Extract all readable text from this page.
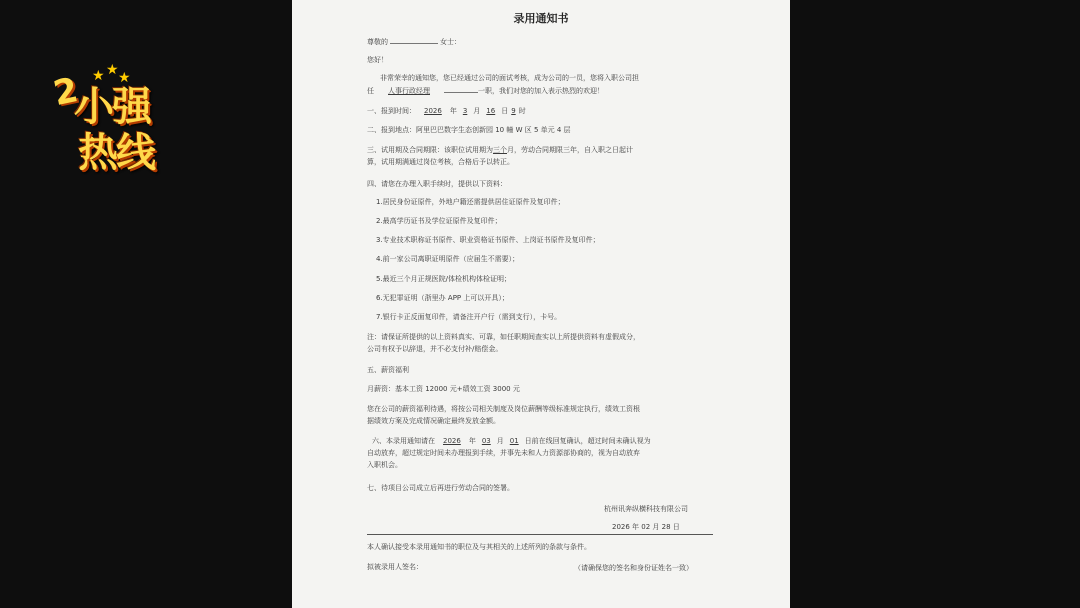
2 ★ ★ ★
小强
热线
录用通知书
尊敬的	女士：
您好！
非常荣幸的通知您，您已经通过公司的面试考核，成为公司的一员，您将入职公司担
任 人事行政经理	一职，我们对您的加入表示热烈的欢迎！
一、报到时间： 2026 年 3 月 16 日 9 时
二、报到地点：阿里巴巴数字生态创新园 10 幢 W 区 5 单元 4 层
三、试用期及合同期限：该职位试用期为三个月，劳动合同期限三年，自入职之日起计
算，试用期满通过岗位考核，合格后予以转正。
四、请您在办理入职手续时，提供以下资料：
1.居民身份证原件，外地户籍还需提供居住证原件及复印件；
2.最高学历证书及学位证原件及复印件；
3.专业技术职称证书原件、职业资格证书原件、上岗证书原件及复印件；
4.前一家公司离职证明原件（应届生不需要）；
5.最近三个月正规医院/体检机构体检证明；
6.无犯罪证明（浙里办 APP 上可以开具）；
7.银行卡正反面复印件，请备注开户行（需到支行），卡号。
注：请保证所提供的以上资料真实、可靠，如任职期间查实以上所提供资料有虚假成分，
公司有权予以辞退，并不必支付补/赔偿金。
五、薪资福利
月薪资：基本工资 12000 元+绩效工资 3000 元
您在公司的薪资福利待遇，将按公司相关制度及岗位薪酬等级标准规定执行，绩效工资根
据绩效方案及完成情况确定最终发放金额。
六、本录用通知请在 2026 年 03 月 01 日前在线回复确认，超过时间未确认视为
自动放弃，超过规定时间未办理报到手续，并事先未和人力资源部协商的，视为自动放弃
入职机会。
七、待项目公司成立后再进行劳动合同的签署。
杭州讯奔纵横科技有限公司
2026 年 02 月 28 日
本人确认接受本录用通知书的职位及与其相关的上述所列的条款与条件。
拟被录用人签名：	（请确保您的签名和身份证姓名一致）
